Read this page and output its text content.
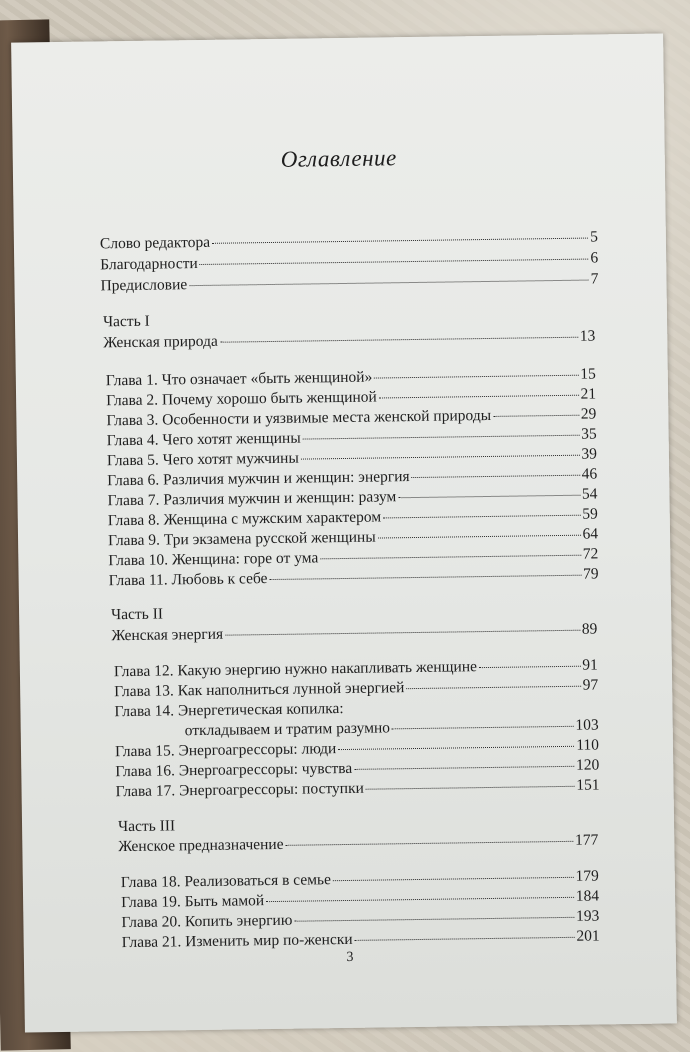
Оглавление
Слово редактора	5
Благодарности	6
Предисловие	7
Часть I
Женская природа	13
Глава 1. Что означает «быть женщиной»	15
Глава 2. Почему хорошо быть женщиной	21
Глава 3. Особенности и уязвимые места женской природы	29
Глава 4. Чего хотят женщины	35
Глава 5. Чего хотят мужчины	39
Глава 6. Различия мужчин и женщин: энергия	46
Глава 7. Различия мужчин и женщин: разум	54
Глава 8. Женщина с мужским характером	59
Глава 9. Три экзамена русской женщины	64
Глава 10. Женщина: горе от ума	72
Глава 11. Любовь к себе	79
Часть II
Женская энергия	89
Глава 12. Какую энергию нужно накапливать женщине	91
Глава 13. Как наполниться лунной энергией	97
Глава 14. Энергетическая копилка:
откладываем и тратим разумно	103
Глава 15. Энергоагрессоры: люди	110
Глава 16. Энергоагрессоры: чувства	120
Глава 17. Энергоагрессоры: поступки	151
Часть III
Женское предназначение	177
Глава 18. Реализоваться в семье	179
Глава 19. Быть мамой	184
Глава 20. Копить энергию	193
Глава 21. Изменить мир по-женски	201
3
